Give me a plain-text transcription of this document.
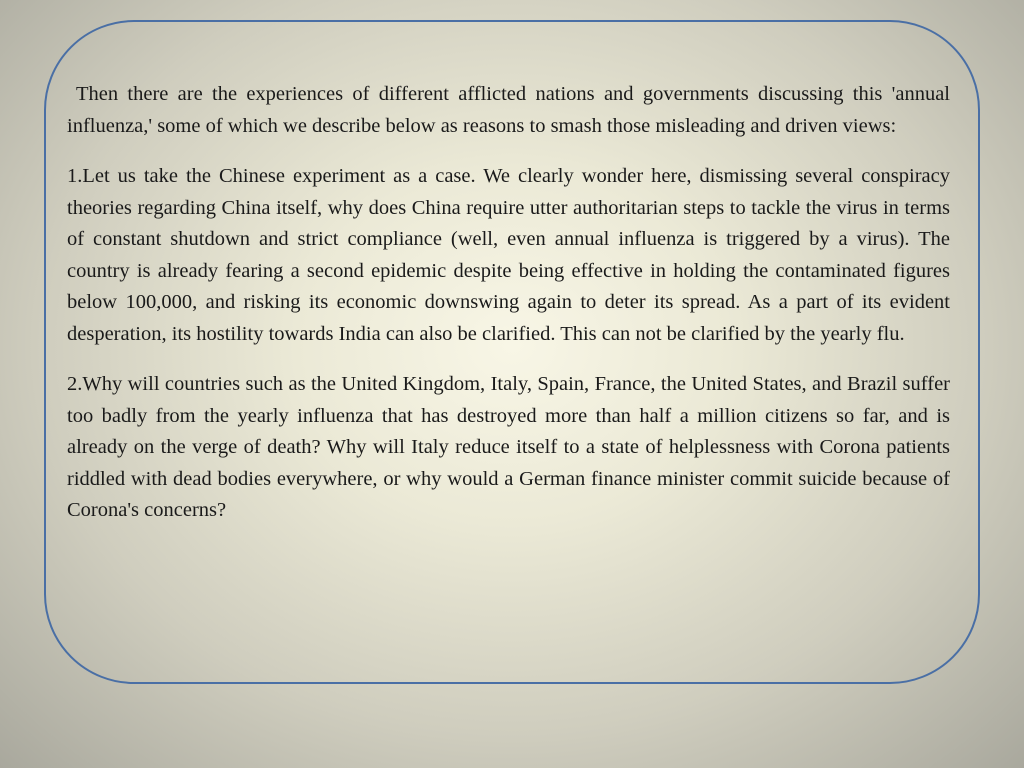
Then there are the experiences of different afflicted nations and governments discussing this 'annual influenza,' some of which we describe below as reasons to smash those misleading and driven views:

1.Let us take the Chinese experiment as a case. We clearly wonder here, dismissing several conspiracy theories regarding China itself, why does China require utter authoritarian steps to tackle the virus in terms of constant shutdown and strict compliance (well, even annual influenza is triggered by a virus). The country is already fearing a second epidemic despite being effective in holding the contaminated figures below 100,000, and risking its economic downswing again to deter its spread. As a part of its evident desperation, its hostility towards India can also be clarified. This can not be clarified by the yearly flu.

2.Why will countries such as the United Kingdom, Italy, Spain, France, the United States, and Brazil suffer too badly from the yearly influenza that has destroyed more than half a million citizens so far, and is already on the verge of death? Why will Italy reduce itself to a state of helplessness with Corona patients riddled with dead bodies everywhere, or why would a German finance minister commit suicide because of Corona's concerns?
